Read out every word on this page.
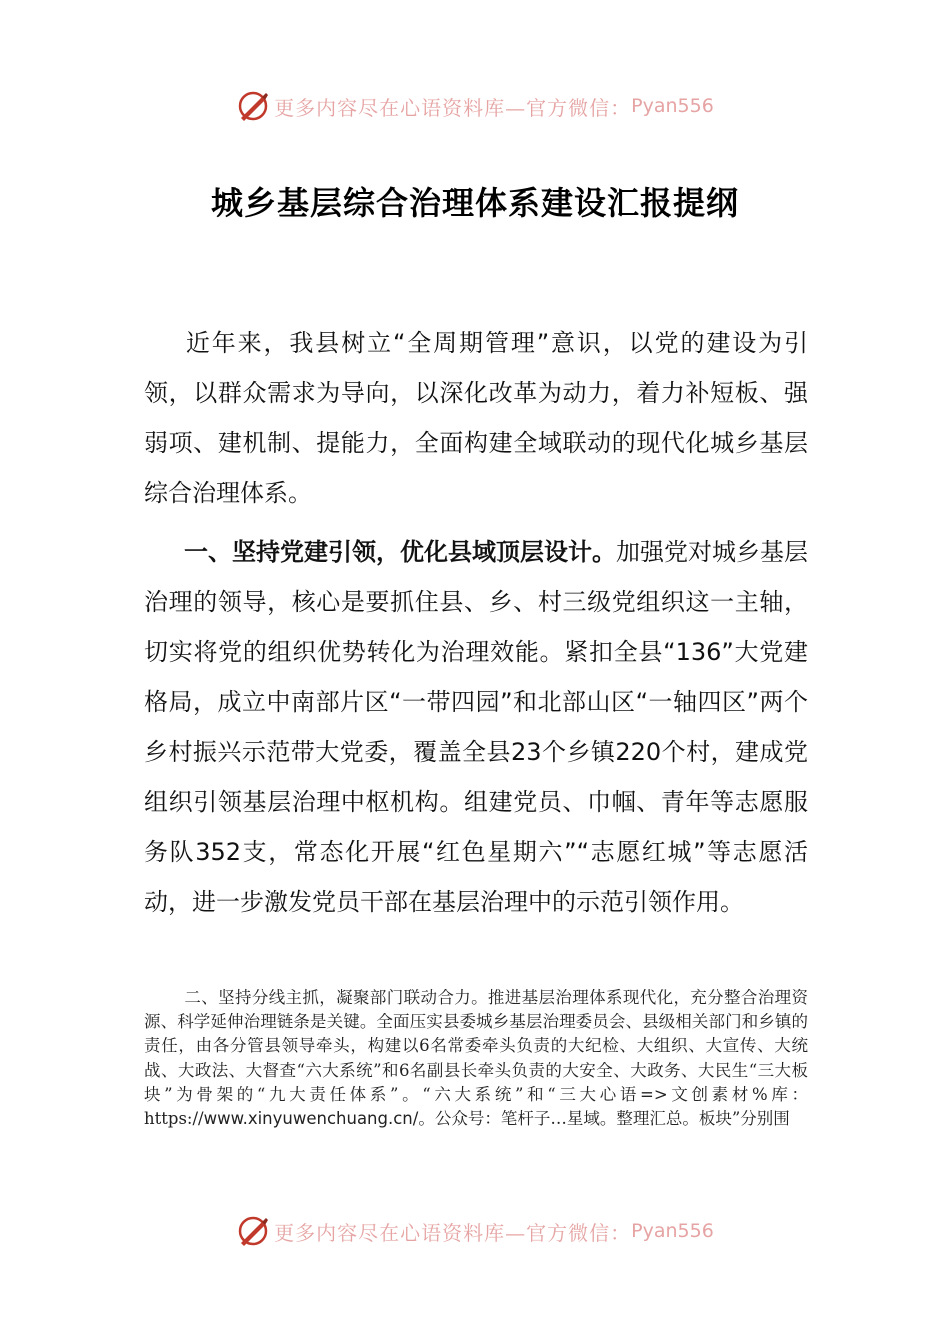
更多内容尽在心语资料库—官方微信： Pyan556
城乡基层综合治理体系建设汇报提纲

近年来，我县树立“全周期管理”意识，以党的建设为引领，以群众需求为导向，以深化改革为动力，着力补短板、强弱项、建机制、提能力，全面构建全域联动的现代化城乡基层综合治理体系。

一、坚持党建引领，优化县域顶层设计。加强党对城乡基层治理的领导，核心是要抓住县、乡、村三级党组织这一主轴，切实将党的组织优势转化为治理效能。紧扣全县“136”大党建格局，成立中南部片区“一带四园”和北部山区“一轴四区”两个乡村振兴示范带大党委，覆盖全县23个乡镇220个村，建成党组织引领基层治理中枢机构。组建党员、巾帼、青年等志愿服务队352支，常态化开展“红色星期六”“志愿红城”等志愿活动，进一步激发党员干部在基层治理中的示范引领作用。

二、坚持分线主抓，凝聚部门联动合力。推进基层治理体系现代化，充分整合治理资源、科学延伸治理链条是关键。全面压实县委城乡基层治理委员会、县级相关部门和乡镇的责任，由各分管县领导牵头，构建以6名常委牵头负责的大纪检、大组织、大宣传、大统战、大政法、大督查“六大系统”和6名副县长牵头负责的大安全、大政务、大民生“三大板块”为骨架的“九大责任体系”。“六大系统”和“三大心语=>文创素材%库：https://www.xinyuwenchuang.cn/。公众号：笔杆子…星域。整理汇总。板块”分别围

更多内容尽在心语资料库—官方微信： Pyan556
